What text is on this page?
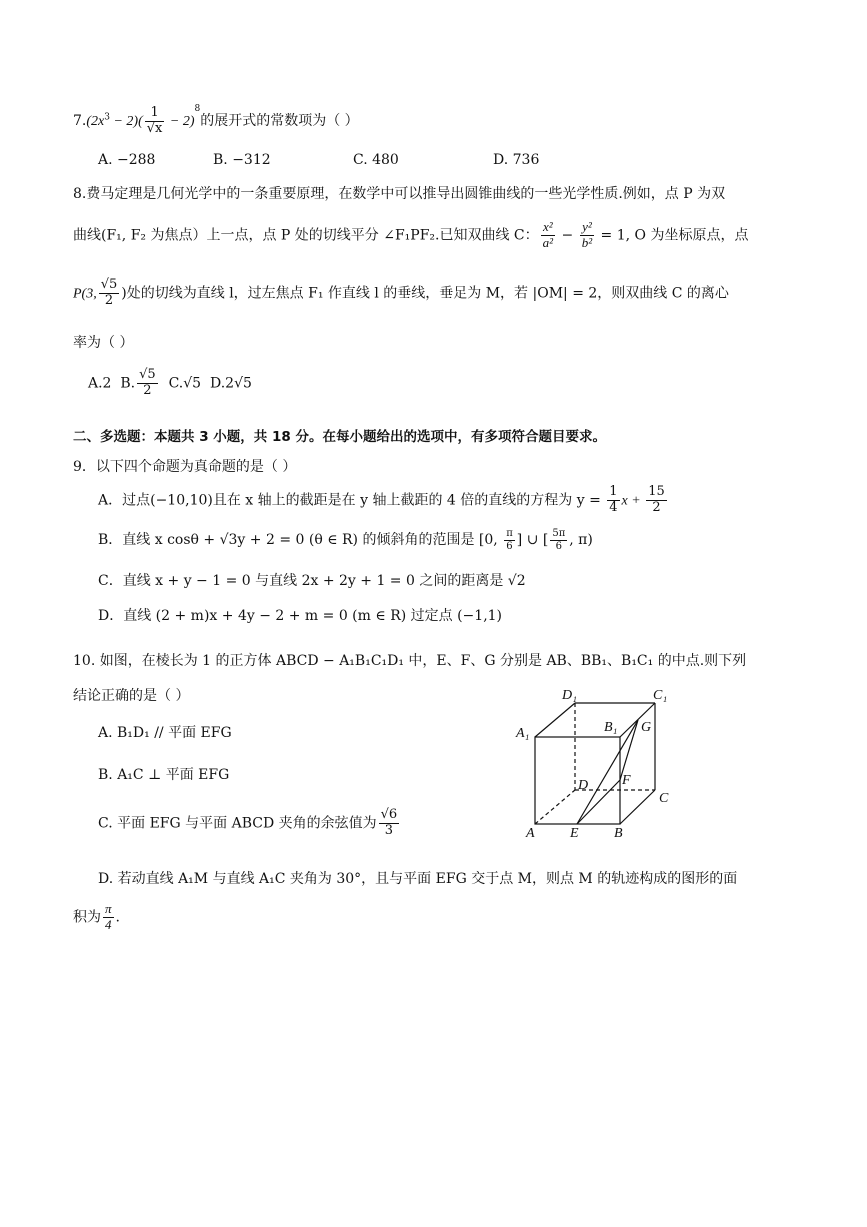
$7.(2x^3 - 2)( \frac{1}{√x} - 2)^8$的展开式的常数项为（ ）
A. −288	B. −312	C. 480	D. 736
8.费马定理是几何光学中的一条重要原理，在数学中可以推导出圆锥曲线的一些光学性质.例如，点 P 为双
曲线(F₁, F₂ 为焦点）上一点，点 P 处的切线平分 ∠F₁PF₂.已知双曲线 C： $\frac{\text{x²}}{\text{a²}} - \frac{\text{y²}}{\text{b²}} = 1$, O 为坐标原点，点
P(3, $\frac{√5}{2}$ )处的切线为直线 l，过左焦点 F₁ 作直线 l 的垂线，垂足为 M，若 |OM| = 2，则双曲线 C 的离心
率为（ ）
A.2 B. $\frac{√5}{2} C.√5$ D.2√5
二、多选题：本题共 3 小题，共 18 分。在每小题给出的选项中，有多项符合题目要求。
9．以下四个命题为真命题的是（ ）
A．过点(−10,10)且在 x 轴上的截距是在 y 轴上截距的 4 倍的直线的方程为 $y = \frac{1}{4}$ $x + \frac{15}{2}$
B．直线 x cosθ + √3y + 2 = 0 (θ ∈ R) 的倾斜角的范围是 [0, $\frac{\pi}{6}$ ] ∪ [ $\frac{5\pi}{6}$ , π)
C．直线 x + y − 1 = 0 与直线 2x + 2y + 1 = 0 之间的距离是 √2
D．直线 (2 + m)x + 4y − 2 + m = 0 (m ∈ R) 过定点 (−1,1)
10. 如图，在棱长为 1 的正方体 ABCD − A₁B₁C₁D₁ 中，E、F、G 分别是 AB、BB₁、B₁C₁ 的中点.则下列
结论正确的是（ ）
A. B₁D₁ // 平面 EFG
B. A₁C ⊥ 平面 EFG
C. 平面 EFG 与平面 ABCD 夹角的余弦值为 $\frac{√6}{3}$
D. 若动直线 A₁M 与直线 A₁C 夹角为 30°，且与平面 EFG 交于点 M，则点 M 的轨迹构成的图形的面
积为 $\frac{\pi}{4}$ .
D₁	C₁
A₁	B₁ G
D F
C
A	E	B
